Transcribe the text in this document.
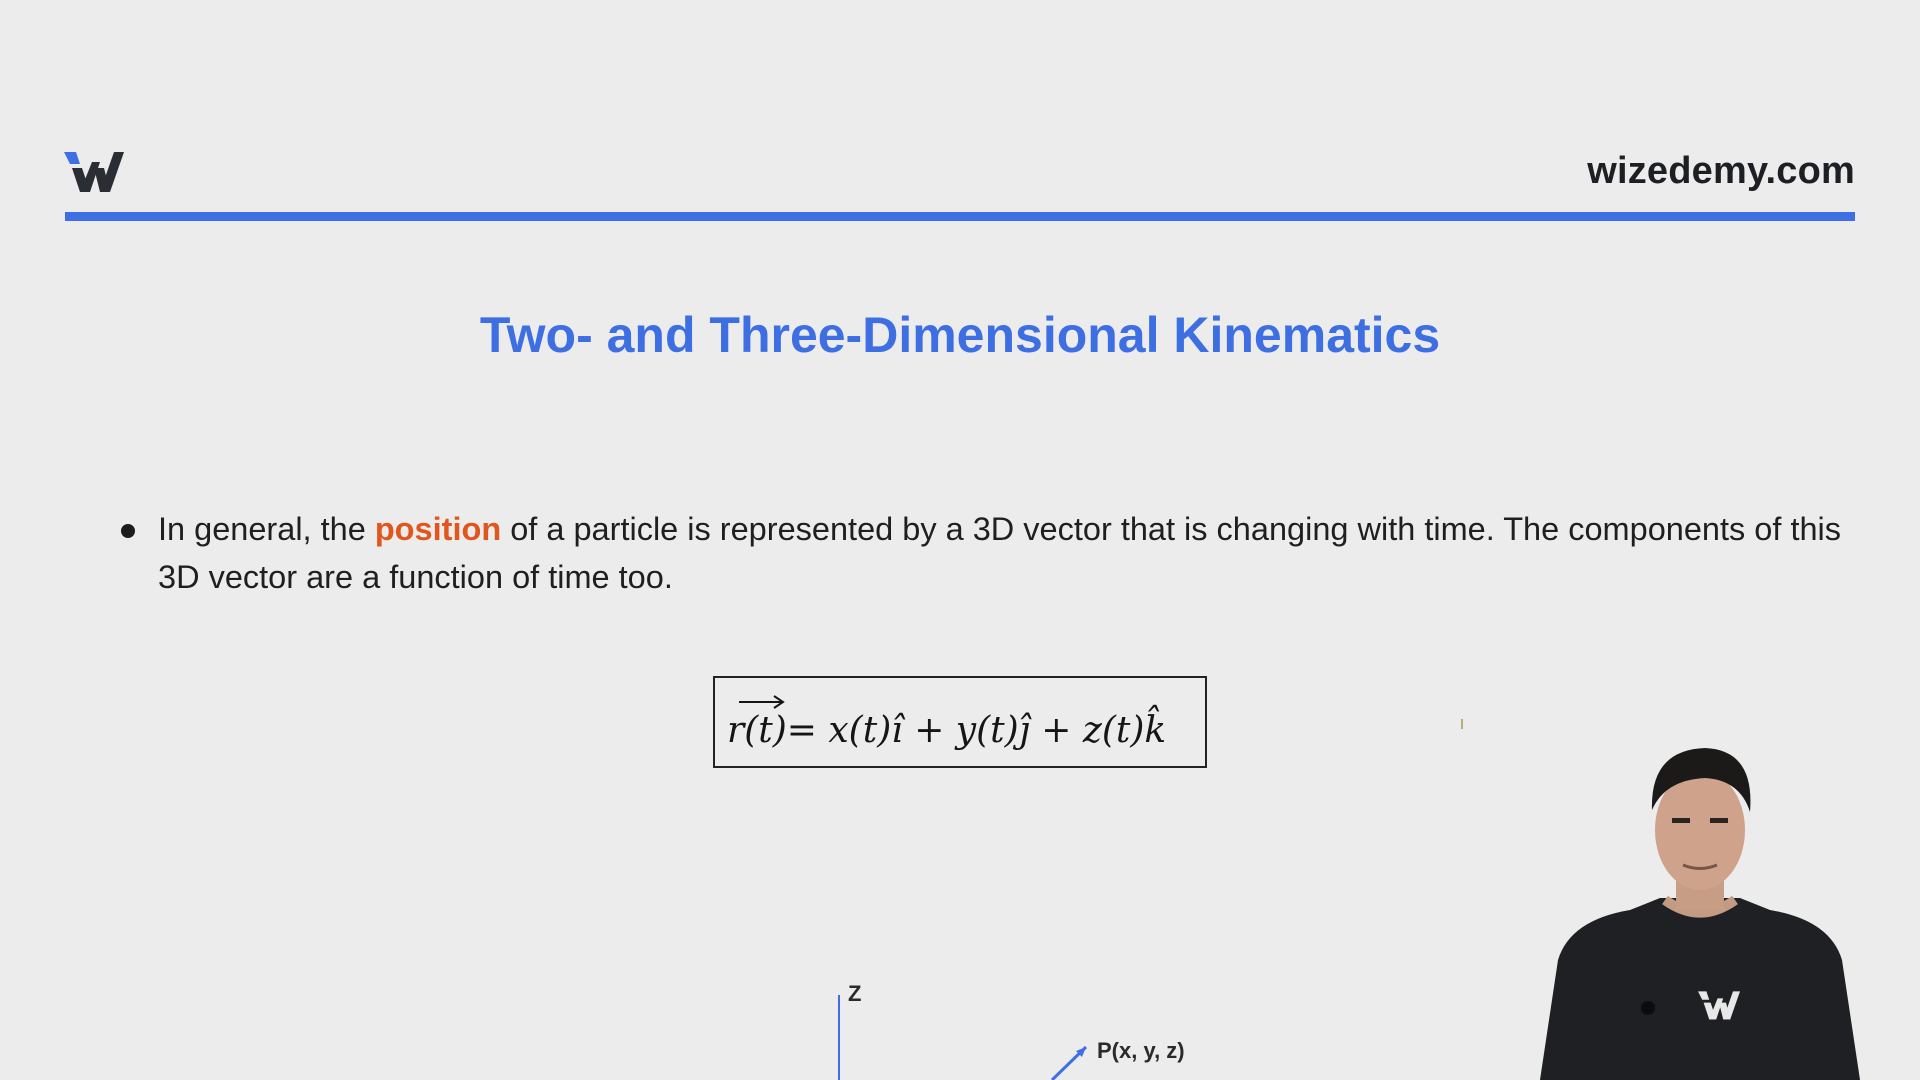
wizedemy.com
Two- and Three-Dimensional Kinematics
In general, the position of a particle is represented by a 3D vector that is changing with time. The components of this 3D vector are a function of time too.
r(t)= x(t)î + y(t)ĵ + z(t)k̂
Z
P(x, y, z)
